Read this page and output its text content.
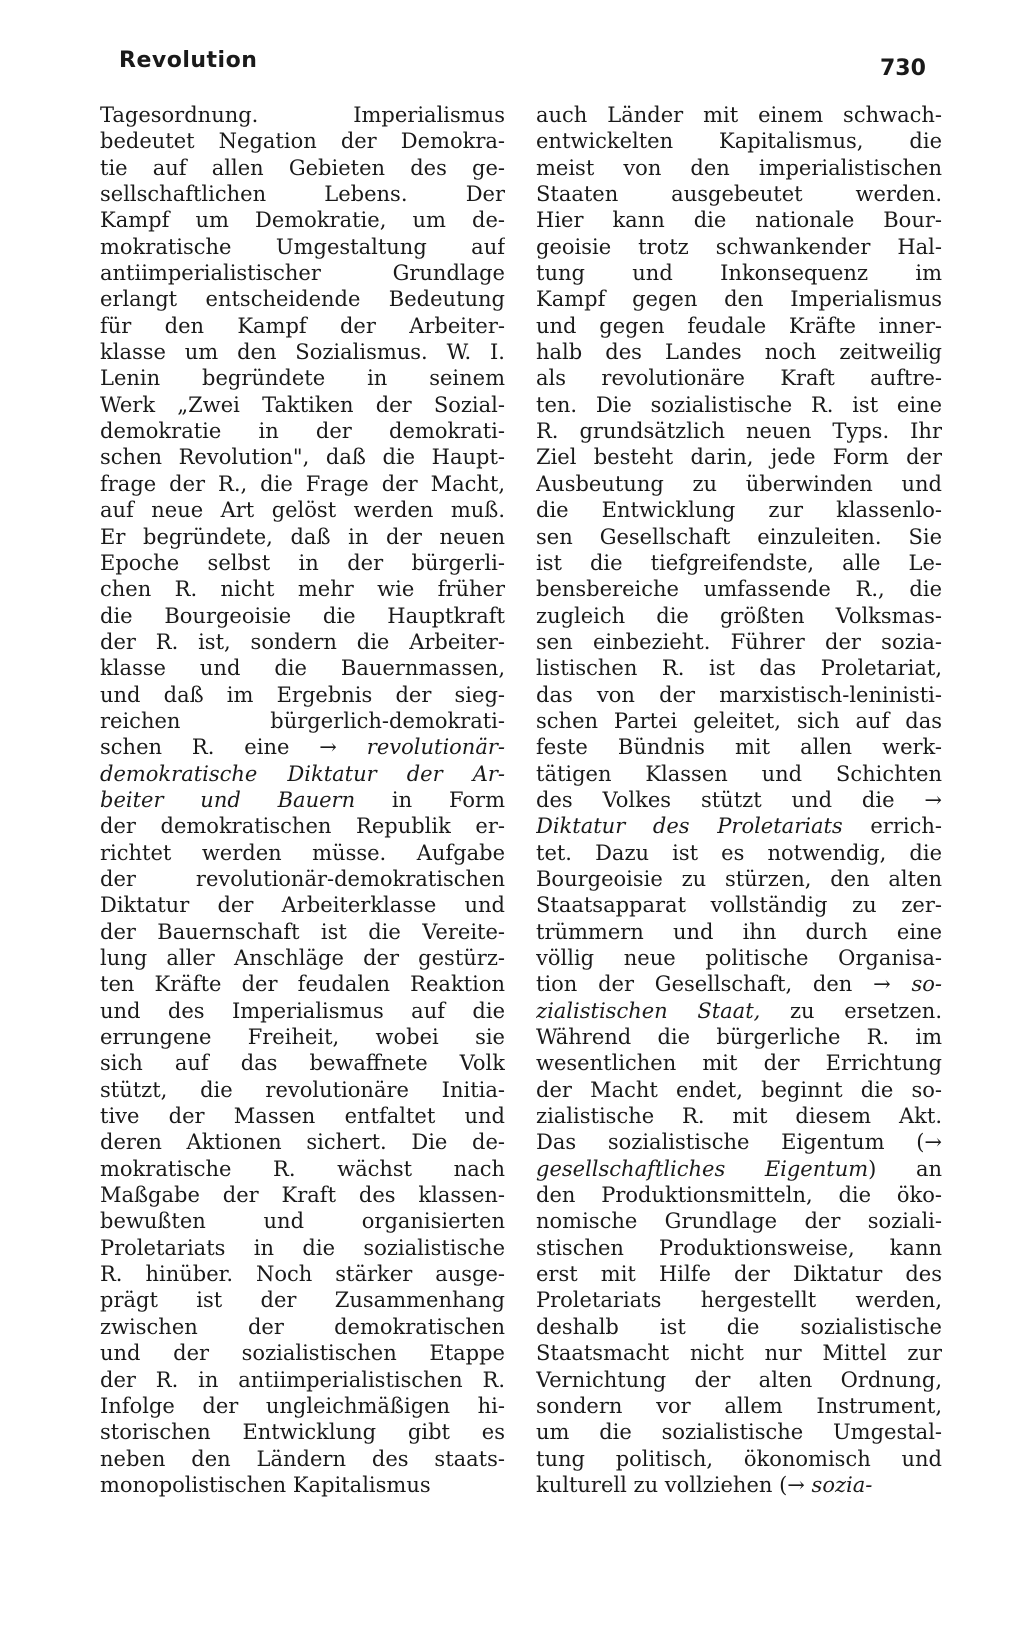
Revolution	730
Tagesordnung. Imperialismus
bedeutet Negation der Demokra-
tie auf allen Gebieten des ge-
sellschaftlichen Lebens. Der
Kampf um Demokratie, um de-
mokratische Umgestaltung auf
antiimperialistischer Grundlage
erlangt entscheidende Bedeutung
für den Kampf der Arbeiter-
klasse um den Sozialismus. W. I.
Lenin begründete in seinem
Werk „Zwei Taktiken der Sozial-
demokratie in der demokrati-
schen Revolution", daß die Haupt-
frage der R., die Frage der Macht,
auf neue Art gelöst werden muß.
Er begründete, daß in der neuen
Epoche selbst in der bürgerli-
chen R. nicht mehr wie früher
die Bourgeoisie die Hauptkraft
der R. ist, sondern die Arbeiter-
klasse und die Bauernmassen,
und daß im Ergebnis der sieg-
reichen bürgerlich-demokrati-
schen R. eine → revolutionär-
demokratische Diktatur der Ar-
beiter und Bauern in Form
der demokratischen Republik er-
richtet werden müsse. Aufgabe
der revolutionär-demokratischen
Diktatur der Arbeiterklasse und
der Bauernschaft ist die Vereite-
lung aller Anschläge der gestürz-
ten Kräfte der feudalen Reaktion
und des Imperialismus auf die
errungene Freiheit, wobei sie
sich auf das bewaffnete Volk
stützt, die revolutionäre Initia-
tive der Massen entfaltet und
deren Aktionen sichert. Die de-
mokratische R. wächst nach
Maßgabe der Kraft des klassen-
bewußten und organisierten
Proletariats in die sozialistische
R. hinüber. Noch stärker ausge-
prägt ist der Zusammenhang
zwischen der demokratischen
und der sozialistischen Etappe
der R. in antiimperialistischen R.
Infolge der ungleichmäßigen hi-
storischen Entwicklung gibt es
neben den Ländern des staats-
monopolistischen Kapitalismus
auch Länder mit einem schwach-
entwickelten Kapitalismus, die
meist von den imperialistischen
Staaten ausgebeutet werden.
Hier kann die nationale Bour-
geoisie trotz schwankender Hal-
tung und Inkonsequenz im
Kampf gegen den Imperialismus
und gegen feudale Kräfte inner-
halb des Landes noch zeitweilig
als revolutionäre Kraft auftre-
ten. Die sozialistische R. ist eine
R. grundsätzlich neuen Typs. Ihr
Ziel besteht darin, jede Form der
Ausbeutung zu überwinden und
die Entwicklung zur klassenlo-
sen Gesellschaft einzuleiten. Sie
ist die tiefgreifendste, alle Le-
bensbereiche umfassende R., die
zugleich die größten Volksmas-
sen einbezieht. Führer der sozia-
listischen R. ist das Proletariat,
das von der marxistisch-leninisti-
schen Partei geleitet, sich auf das
feste Bündnis mit allen werk-
tätigen Klassen und Schichten
des Volkes stützt und die →
Diktatur des Proletariats errich-
tet. Dazu ist es notwendig, die
Bourgeoisie zu stürzen, den alten
Staatsapparat vollständig zu zer-
trümmern und ihn durch eine
völlig neue politische Organisa-
tion der Gesellschaft, den → so-
zialistischen Staat, zu ersetzen.
Während die bürgerliche R. im
wesentlichen mit der Errichtung
der Macht endet, beginnt die so-
zialistische R. mit diesem Akt.
Das sozialistische Eigentum (→
gesellschaftliches Eigentum) an
den Produktionsmitteln, die öko-
nomische Grundlage der soziali-
stischen Produktionsweise, kann
erst mit Hilfe der Diktatur des
Proletariats hergestellt werden,
deshalb ist die sozialistische
Staatsmacht nicht nur Mittel zur
Vernichtung der alten Ordnung,
sondern vor allem Instrument,
um die sozialistische Umgestal-
tung politisch, ökonomisch und
kulturell zu vollziehen (→ sozia-
